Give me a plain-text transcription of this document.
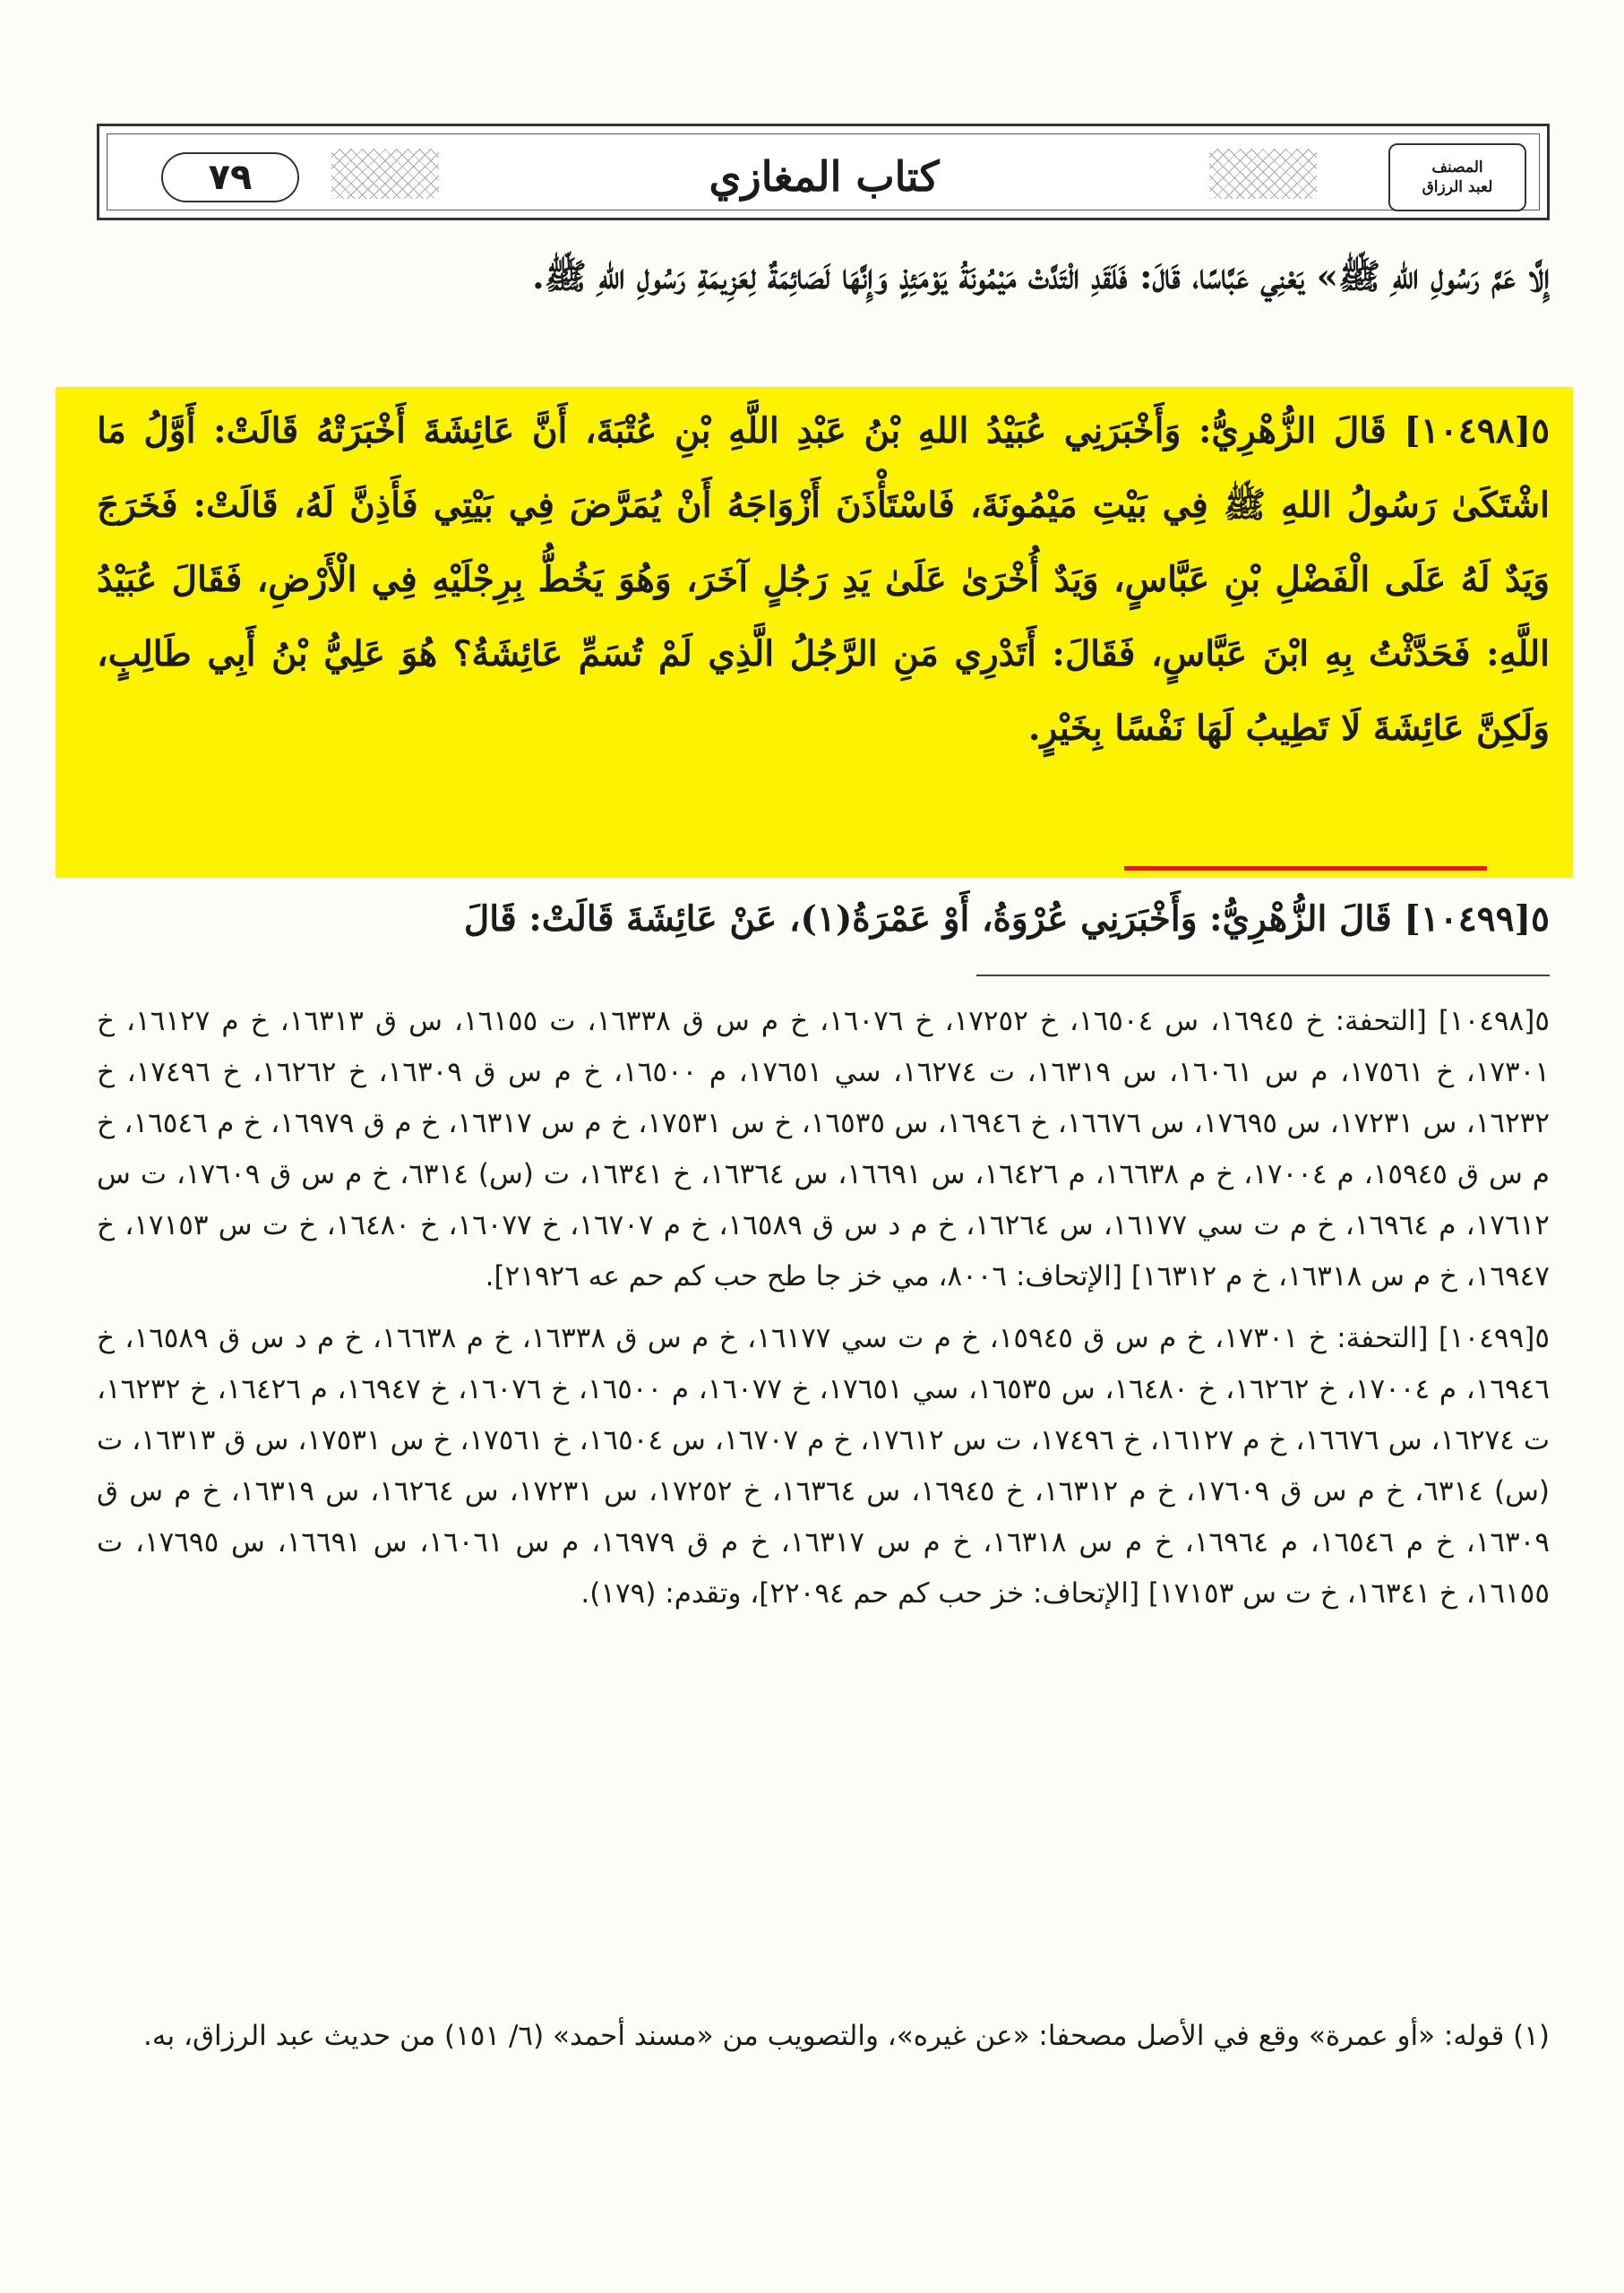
٧٩	كتاب المغازي	المصنف
لعبد الرزاق
إِلَّا عَمَّ رَسُولِ اللهِ ﷺ» يَعْنِي عَبَّاسًا، قَالَ: فَلَقَدِ الْتَدَّتْ مَيْمُونَةُ يَوْمَئِذٍ وَإِنَّهَا لَصَائِمَةٌ لِعَزِيمَةِ رَسُولِ اللهِ ﷺ.
٥[١٠٤٩٨] قَالَ الزُّهْرِيُّ: وَأَخْبَرَنِي عُبَيْدُ اللهِ بْنُ عَبْدِ اللَّهِ بْنِ عُتْبَةَ، أَنَّ عَائِشَةَ أَخْبَرَتْهُ قَالَتْ: أَوَّلُ مَا اشْتَكَىٰ رَسُولُ اللهِ ﷺ فِي بَيْتِ مَيْمُونَةَ، فَاسْتَأْذَنَ أَزْوَاجَهُ أَنْ يُمَرَّضَ فِي بَيْتِي فَأَذِنَّ لَهُ، قَالَتْ: فَخَرَجَ وَيَدٌ لَهُ عَلَى الْفَضْلِ بْنِ عَبَّاسٍ، وَيَدٌ أُخْرَىٰ عَلَىٰ يَدِ رَجُلٍ آخَرَ، وَهُوَ يَخُطُّ بِرِجْلَيْهِ فِي الْأَرْضِ، فَقَالَ عُبَيْدُ اللَّهِ: فَحَدَّثْتُ بِهِ ابْنَ عَبَّاسٍ، فَقَالَ: أَتَدْرِي مَنِ الرَّجُلُ الَّذِي لَمْ تُسَمِّ عَائِشَةُ؟ هُوَ عَلِيُّ بْنُ أَبِي طَالِبٍ، وَلَكِنَّ عَائِشَةَ لَا تَطِيبُ لَهَا نَفْسًا بِخَيْرٍ.
٥[١٠٤٩٩] قَالَ الزُّهْرِيُّ: وَأَخْبَرَنِي عُرْوَةُ، أَوْ عَمْرَةُ(١)، عَنْ عَائِشَةَ قَالَتْ: قَالَ

٥[١٠٤٩٨] [التحفة: خ ١٦٩٤٥، س ١٦٥٠٤، خ ١٧٢٥٢، خ ١٦٠٧٦، خ م س ق ١٦٣٣٨، ت ١٦١٥٥، س ق ١٦٣١٣، خ م ١٦١٢٧، خ ١٧٣٠١، خ ١٧٥٦١، م س ١٦٠٦١، س ١٦٣١٩، ت ١٦٢٧٤، سي ١٧٦٥١، م ١٦٥٠٠، خ م س ق ١٦٣٠٩، خ ١٦٢٦٢، خ ١٧٤٩٦، خ ١٦٢٣٢، س ١٧٢٣١، س ١٧٦٩٥، س ١٦٦٧٦، خ ١٦٩٤٦، س ١٦٥٣٥، خ س ١٧٥٣١، خ م س ١٦٣١٧، خ م ق ١٦٩٧٩، خ م ١٦٥٤٦، خ م س ق ١٥٩٤٥، م ١٧٠٠٤، خ م ١٦٦٣٨، م ١٦٤٢٦، س ١٦٦٩١، س ١٦٣٦٤، خ ١٦٣٤١، ت (س) ٦٣١٤، خ م س ق ١٧٦٠٩، ت س ١٧٦١٢، م ١٦٩٦٤، خ م ت سي ١٦١٧٧، س ١٦٢٦٤، خ م د س ق ١٦٥٨٩، خ م ١٦٧٠٧، خ ١٦٠٧٧، خ ١٦٤٨٠، خ ت س ١٧١٥٣، خ ١٦٩٤٧، خ م س ١٦٣١٨، خ م ١٦٣١٢] [الإتحاف: ٨٠٠٦، مي خز جا طح حب كم حم عه ٢١٩٢٦].

٥[١٠٤٩٩] [التحفة: خ ١٧٣٠١، خ م س ق ١٥٩٤٥، خ م ت سي ١٦١٧٧، خ م س ق ١٦٣٣٨، خ م ١٦٦٣٨، خ م د س ق ١٦٥٨٩، خ ١٦٩٤٦، م ١٧٠٠٤، خ ١٦٢٦٢، خ ١٦٤٨٠، س ١٦٥٣٥، سي ١٧٦٥١، خ ١٦٠٧٧، م ١٦٥٠٠، خ ١٦٠٧٦، خ ١٦٩٤٧، م ١٦٤٢٦، خ ١٦٢٣٢، ت ١٦٢٧٤، س ١٦٦٧٦، خ م ١٦١٢٧، خ ١٧٤٩٦، ت س ١٧٦١٢، خ م ١٦٧٠٧، س ١٦٥٠٤، خ ١٧٥٦١، خ س ١٧٥٣١، س ق ١٦٣١٣، ت (س) ٦٣١٤، خ م س ق ١٧٦٠٩، خ م ١٦٣١٢، خ ١٦٩٤٥، س ١٦٣٦٤، خ ١٧٢٥٢، س ١٧٢٣١، س ١٦٢٦٤، س ١٦٣١٩، خ م س ق ١٦٣٠٩، خ م ١٦٥٤٦، م ١٦٩٦٤، خ م س ١٦٣١٨، خ م س ١٦٣١٧، خ م ق ١٦٩٧٩، م س ١٦٠٦١، س ١٦٦٩١، س ١٧٦٩٥، ت ١٦١٥٥، خ ١٦٣٤١، خ ت س ١٧١٥٣] [الإتحاف: خز حب كم حم ٢٢٠٩٤]، وتقدم: (١٧٩).

(١) قوله: «أو عمرة» وقع في الأصل مصحفا: «عن غيره»، والتصويب من «مسند أحمد» (٦/ ١٥١) من حديث عبد الرزاق، به.
